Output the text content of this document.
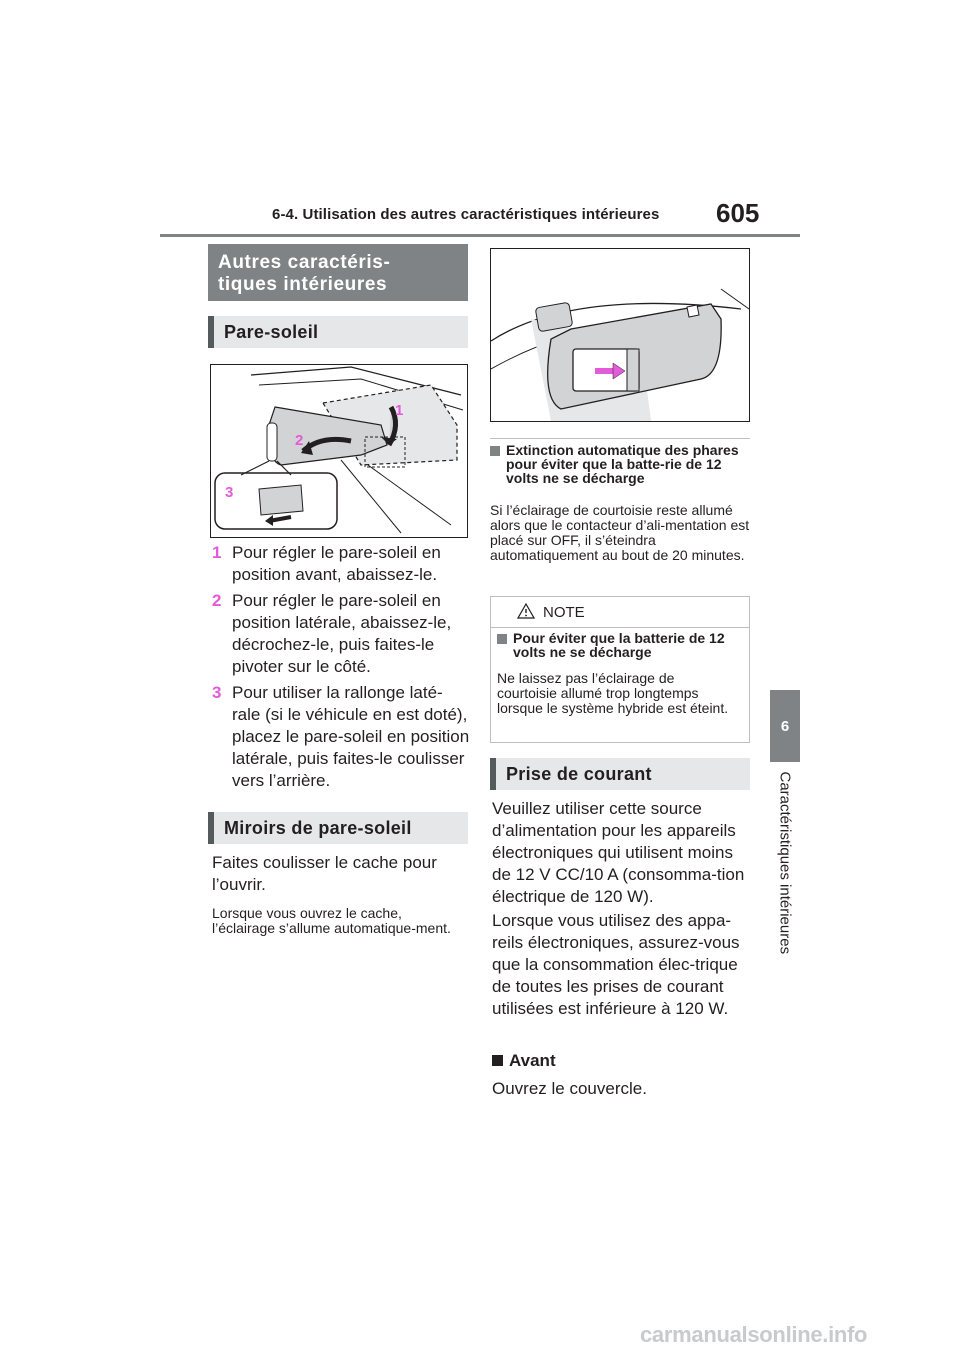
6-4. Utilisation des autres caractéristiques intérieures 605
6
Caractéristiques intérieures
Autres caractéris-
tiques intérieures
Pare-soleil
1
2
3
1 Pour régler le pare-soleil en position avant, abaissez-le.
2 Pour régler le pare-soleil en position latérale, abaissez-le, décrochez-le, puis faites-le pivoter sur le côté.
3 Pour utiliser la rallonge laté-rale (si le véhicule en est doté), placez le pare-soleil en position latérale, puis faites-le coulisser vers l’arrière.
Miroirs de pare-soleil
Faites coulisser le cache pour l’ouvrir.
Lorsque vous ouvrez le cache, l’éclairage s’allume automatique-ment.
Extinction automatique des phares pour éviter que la batte-rie de 12 volts ne se décharge
Si l’éclairage de courtoisie reste allumé alors que le contacteur d’ali-mentation est placé sur OFF, il s’éteindra automatiquement au bout de 20 minutes.
NOTE
Pour éviter que la batterie de 12 volts ne se décharge
Ne laissez pas l’éclairage de courtoisie allumé trop longtemps lorsque le système hybride est éteint.
Prise de courant
Veuillez utiliser cette source d’alimentation pour les appareils électroniques qui utilisent moins de 12 V CC/10 A (consomma-tion électrique de 120 W).
Lorsque vous utilisez des appa-reils électroniques, assurez-vous que la consommation élec-trique de toutes les prises de courant utilisées est inférieure à 120 W.
Avant
Ouvrez le couvercle.
carmanualsonline.info
